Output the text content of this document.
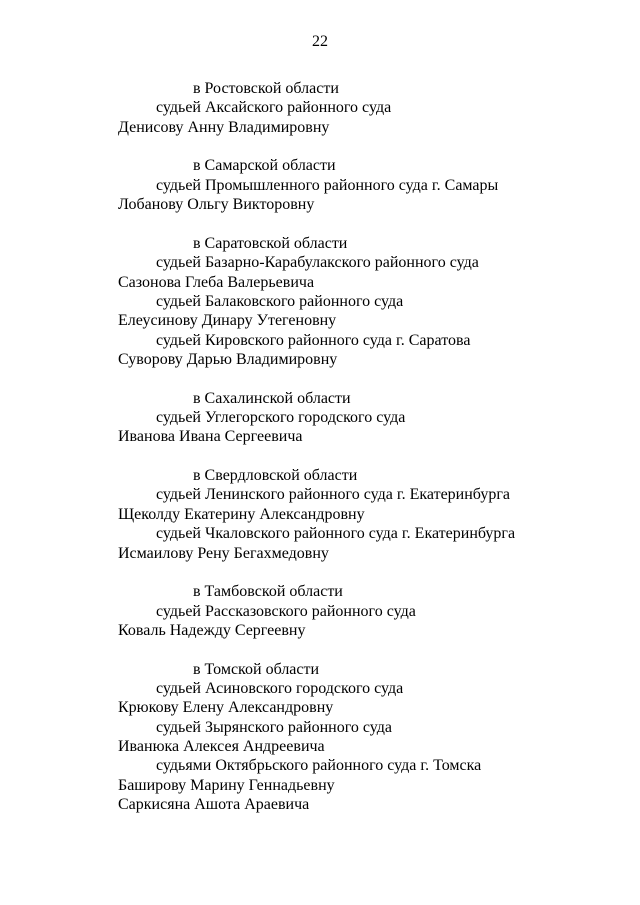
22
в Ростовской области
судьей Аксайского районного суда
Денисову Анну Владимировну
в Самарской области
судьей Промышленного районного суда г. Самары
Лобанову Ольгу Викторовну
в Саратовской области
судьей Базарно-Карабулакского районного суда
Сазонова Глеба Валерьевича
судьей Балаковского районного суда
Елеусинову Динару Утегеновну
судьей Кировского районного суда г. Саратова
Суворову Дарью Владимировну
в Сахалинской области
судьей Углегорского городского суда
Иванова Ивана Сергеевича
в Свердловской области
судьей Ленинского районного суда г. Екатеринбурга
Щеколду Екатерину Александровну
судьей Чкаловского районного суда г. Екатеринбурга
Исмаилову Рену Бегахмедовну
в Тамбовской области
судьей Рассказовского районного суда
Коваль Надежду Сергеевну
в Томской области
судьей Асиновского городского суда
Крюкову Елену Александровну
судьей Зырянского районного суда
Иванюка Алексея Андреевича
судьями Октябрьского районного суда г. Томска
Баширову Марину Геннадьевну
Саркисяна Ашота Араевича
